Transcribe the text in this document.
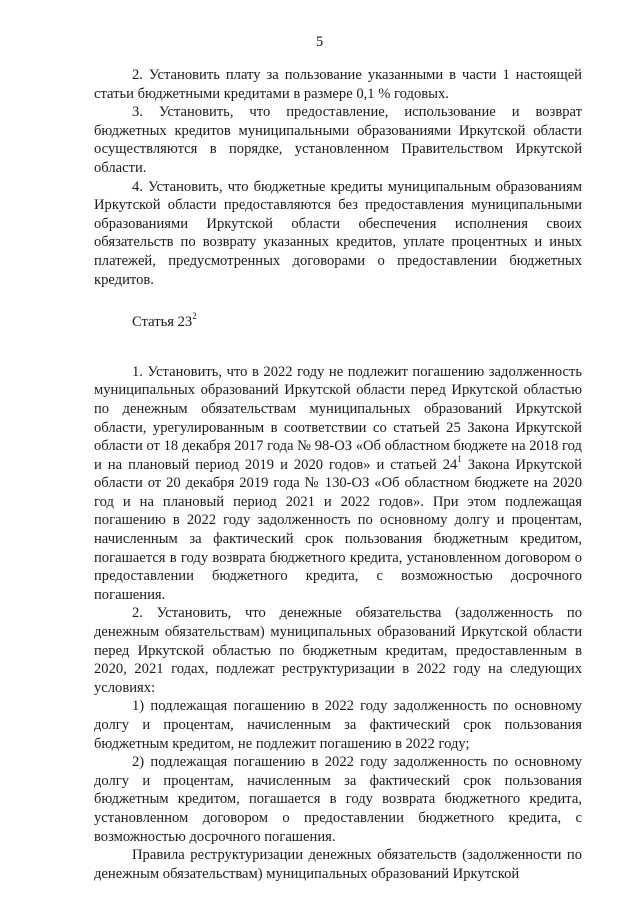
5

2. Установить плату за пользование указанными в части 1 настоящей статьи бюджетными кредитами в размере 0,1 % годовых.

3. Установить, что предоставление, использование и возврат бюджетных кредитов муниципальными образованиями Иркутской области осуществляются в порядке, установленном Правительством Иркутской области.

4. Установить, что бюджетные кредиты муниципальным образованиям Иркутской области предоставляются без предоставления муниципальными образованиями Иркутской области обеспечения исполнения своих обязательств по возврату указанных кредитов, уплате процентных и иных платежей, предусмотренных договорами о предоставлении бюджетных кредитов.

Статья $23^2$

1. Установить, что в 2022 году не подлежит погашению задолженность муниципальных образований Иркутской области перед Иркутской областью по денежным обязательствам муниципальных образований Иркутской области, урегулированным в соответствии со статьей 25 Закона Иркутской области от 18 декабря 2017 года № 98-ОЗ «Об областном бюджете на 2018 год и на плановый период 2019 и 2020 годов» и статьей $24^1$ Закона Иркутской области от 20 декабря 2019 года № 130-ОЗ «Об областном бюджете на 2020 год и на плановый период 2021 и 2022 годов». При этом подлежащая погашению в 2022 году задолженность по основному долгу и процентам, начисленным за фактический срок пользования бюджетным кредитом, погашается в году возврата бюджетного кредита, установленном договором о предоставлении бюджетного кредита, с возможностью досрочного погашения.

2. Установить, что денежные обязательства (задолженность по денежным обязательствам) муниципальных образований Иркутской области перед Иркутской областью по бюджетным кредитам, предоставленным в 2020, 2021 годах, подлежат реструктуризации в 2022 году на следующих условиях:

1) подлежащая погашению в 2022 году задолженность по основному долгу и процентам, начисленным за фактический срок пользования бюджетным кредитом, не подлежит погашению в 2022 году;

2) подлежащая погашению в 2022 году задолженность по основному долгу и процентам, начисленным за фактический срок пользования бюджетным кредитом, погашается в году возврата бюджетного кредита, установленном договором о предоставлении бюджетного кредита, с возможностью досрочного погашения.

Правила реструктуризации денежных обязательств (задолженности по денежным обязательствам) муниципальных образований Иркутской
